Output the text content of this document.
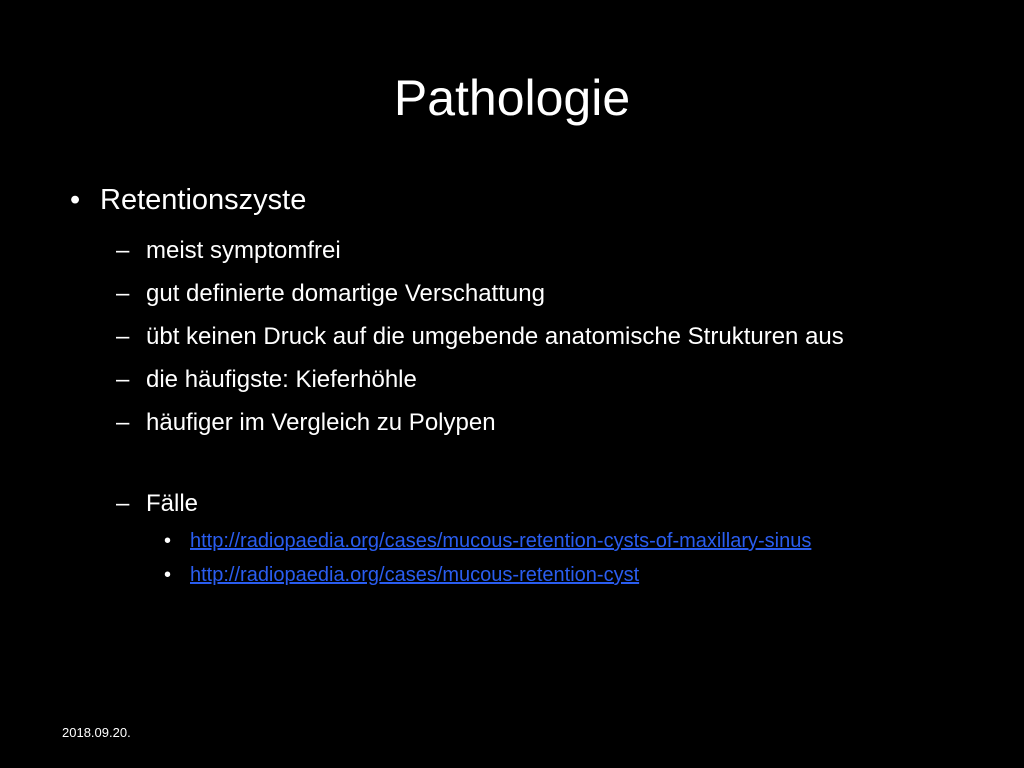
Pathologie
• Retentionszyste
– meist symptomfrei
– gut definierte domartige Verschattung
– übt keinen Druck auf die umgebende anatomische Strukturen aus
– die häufigste: Kieferhöhle
– häufiger im Vergleich zu Polypen
– Fälle
• http://radiopaedia.org/cases/mucous-retention-cysts-of-maxillary-sinus
• http://radiopaedia.org/cases/mucous-retention-cyst
2018.09.20.
